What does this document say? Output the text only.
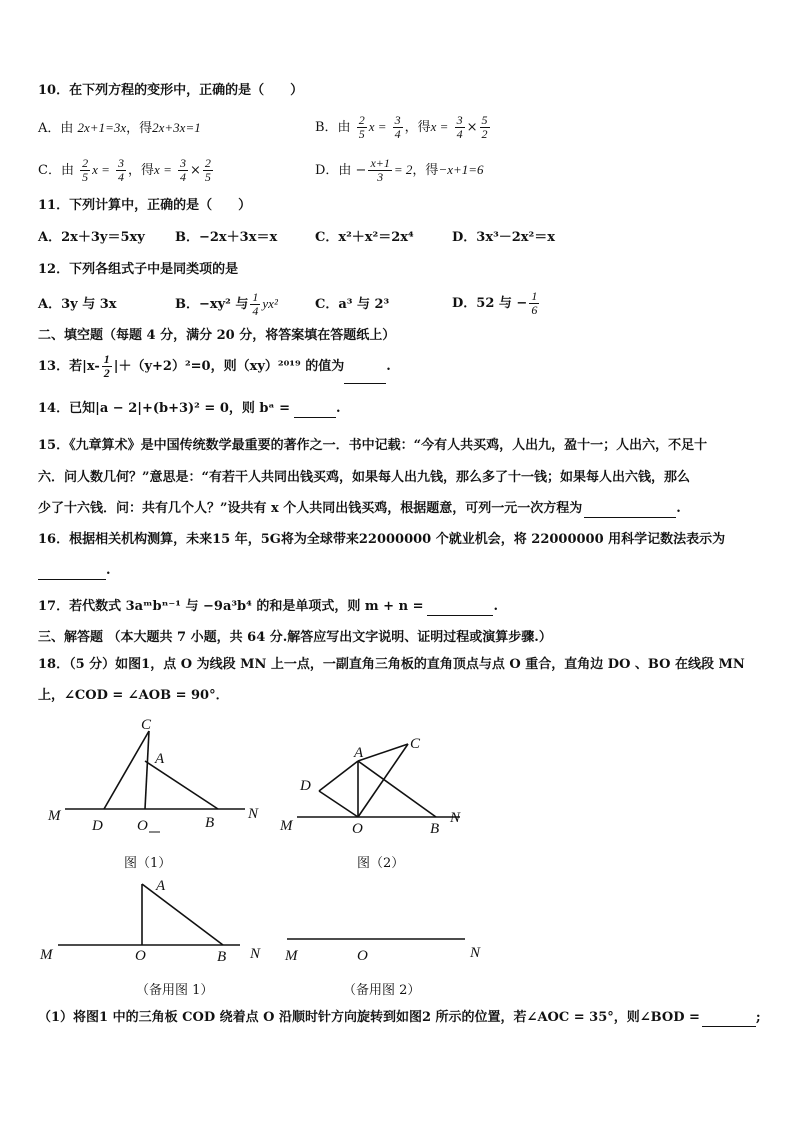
10．在下列方程的变形中，正确的是（　　）
A．由 2x+1=3x，得2x+3x=1	B．由 $\frac{2}{5}$ $x = \frac{3}{4}$ ，得$x = \frac{3}{4} \times \frac{5}{2}$
C．由 $\frac{2}{5}$ $x = \frac{3}{4}$ ，得$x = \frac{3}{4} \times \frac{2}{5}$	D．由 − $\frac{x+1}{3} = 2$，得−x+1=6
11．下列计算中，正确的是（　　）
A．2x＋3y＝5xy B．−2x＋3x＝x	C．x²＋x²＝2x⁴	D．3x³－2x²＝x
12．下列各组式子中是同类项的是
A．3y 与 3x	B．−xy² 与 $\frac{1}{4} yx^2$	C．a³ 与 2³	D．52 与 − $\frac{1}{6}$
二、填空题（每题 4 分，满分 20 分，将答案填在答题纸上）
13．若$|x- \frac{1}{2} |+(y+2)^2=0$，则（xy）²⁰¹⁹ 的值为	.
14．已知|a − 2|+(b+3)² = 0，则 bᵃ =	.
15．《九章算术》是中国传统数学最重要的著作之一．书中记载：“今有人共买鸡，人出九，盈十一；人出六，不足十
六．问人数几何？”意思是：“有若干人共同出钱买鸡，如果每人出九钱，那么多了十一钱；如果每人出六钱，那么
少了十六钱．问：共有几个人？”设共有 x 个人共同出钱买鸡，根据题意，可列一元一次方程为	.
16．根据相关机构测算，未来15 年，5G将为全球带来22000000 个就业机会，将 22000000 用科学记数法表示为
.
17．若代数式 3aᵐbⁿ⁻¹ 与 −9a³b⁴ 的和是单项式，则 m + n =	.
三、解答题 （本大题共 7 小题，共 64 分.解答应写出文字说明、证明过程或演算步骤.）
18．（5 分）如图1，点 O 为线段 MN 上一点，一副直角三角板的直角顶点与点 O 重合，直角边 DO 、BO 在线段 MN
上，∠COD = ∠AOB = 90°．
M
D O	B
N
C
A
M	O	B
N
C
A
D
M	O	B N
A
M	O	N
图（1）	图（2）
（备用图 1）	（备用图 2）
（1）将图1 中的三角板 COD 绕着点 O 沿顺时针方向旋转到如图2 所示的位置，若∠AOC = 35°，则∠BOD =	;
